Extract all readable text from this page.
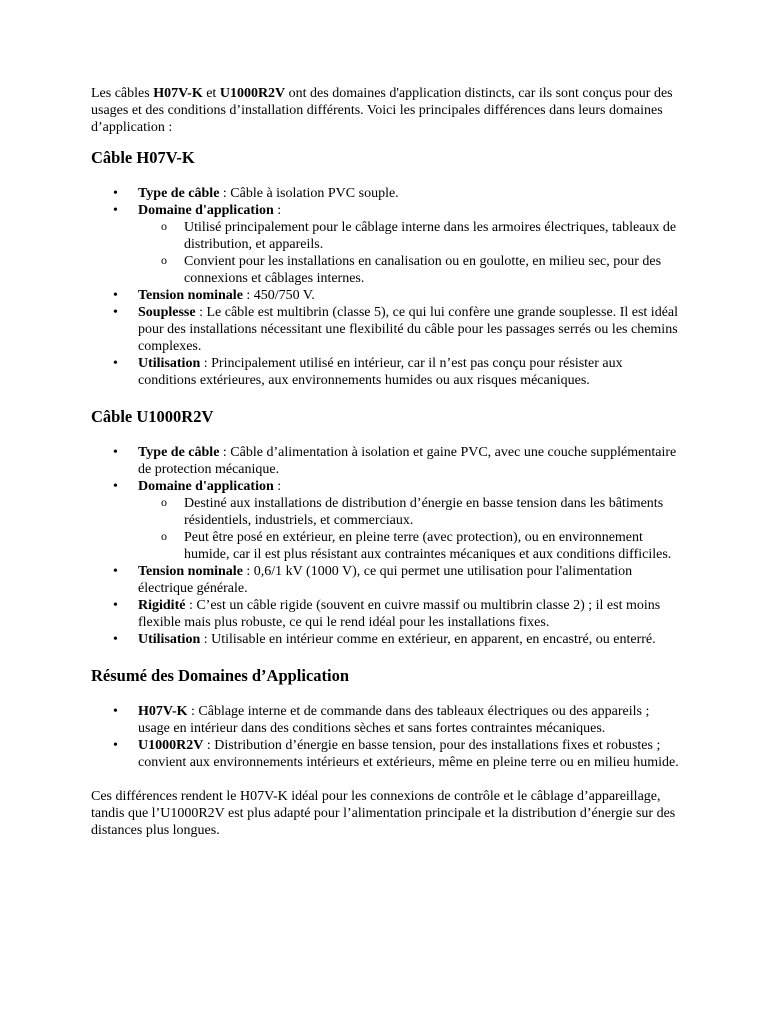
Les câbles H07V-K et U1000R2V ont des domaines d'application distincts, car ils sont conçus pour des usages et des conditions d’installation différents. Voici les principales différences dans leurs domaines d’application :

Câble H07V-K
• Type de câble : Câble à isolation PVC souple.
• Domaine d'application :
o Utilisé principalement pour le câblage interne dans les armoires électriques, tableaux de distribution, et appareils.
o Convient pour les installations en canalisation ou en goulotte, en milieu sec, pour des connexions et câblages internes.
• Tension nominale : 450/750 V.
• Souplesse : Le câble est multibrin (classe 5), ce qui lui confère une grande souplesse. Il est idéal pour des installations nécessitant une flexibilité du câble pour les passages serrés ou les chemins complexes.
• Utilisation : Principalement utilisé en intérieur, car il n’est pas conçu pour résister aux conditions extérieures, aux environnements humides ou aux risques mécaniques.
Câble U1000R2V
• Type de câble : Câble d’alimentation à isolation et gaine PVC, avec une couche supplémentaire de protection mécanique.
• Domaine d'application :
o Destiné aux installations de distribution d’énergie en basse tension dans les bâtiments résidentiels, industriels, et commerciaux.
o Peut être posé en extérieur, en pleine terre (avec protection), ou en environnement humide, car il est plus résistant aux contraintes mécaniques et aux conditions difficiles.
• Tension nominale : 0,6/1 kV (1000 V), ce qui permet une utilisation pour l'alimentation électrique générale.
• Rigidité : C’est un câble rigide (souvent en cuivre massif ou multibrin classe 2) ; il est moins flexible mais plus robuste, ce qui le rend idéal pour les installations fixes.
• Utilisation : Utilisable en intérieur comme en extérieur, en apparent, en encastré, ou enterré.
Résumé des Domaines d’Application
• H07V-K : Câblage interne et de commande dans des tableaux électriques ou des appareils ; usage en intérieur dans des conditions sèches et sans fortes contraintes mécaniques.
• U1000R2V : Distribution d’énergie en basse tension, pour des installations fixes et robustes ; convient aux environnements intérieurs et extérieurs, même en pleine terre ou en milieu humide.

Ces différences rendent le H07V-K idéal pour les connexions de contrôle et le câblage d’appareillage, tandis que l’U1000R2V est plus adapté pour l’alimentation principale et la distribution d’énergie sur des distances plus longues.
